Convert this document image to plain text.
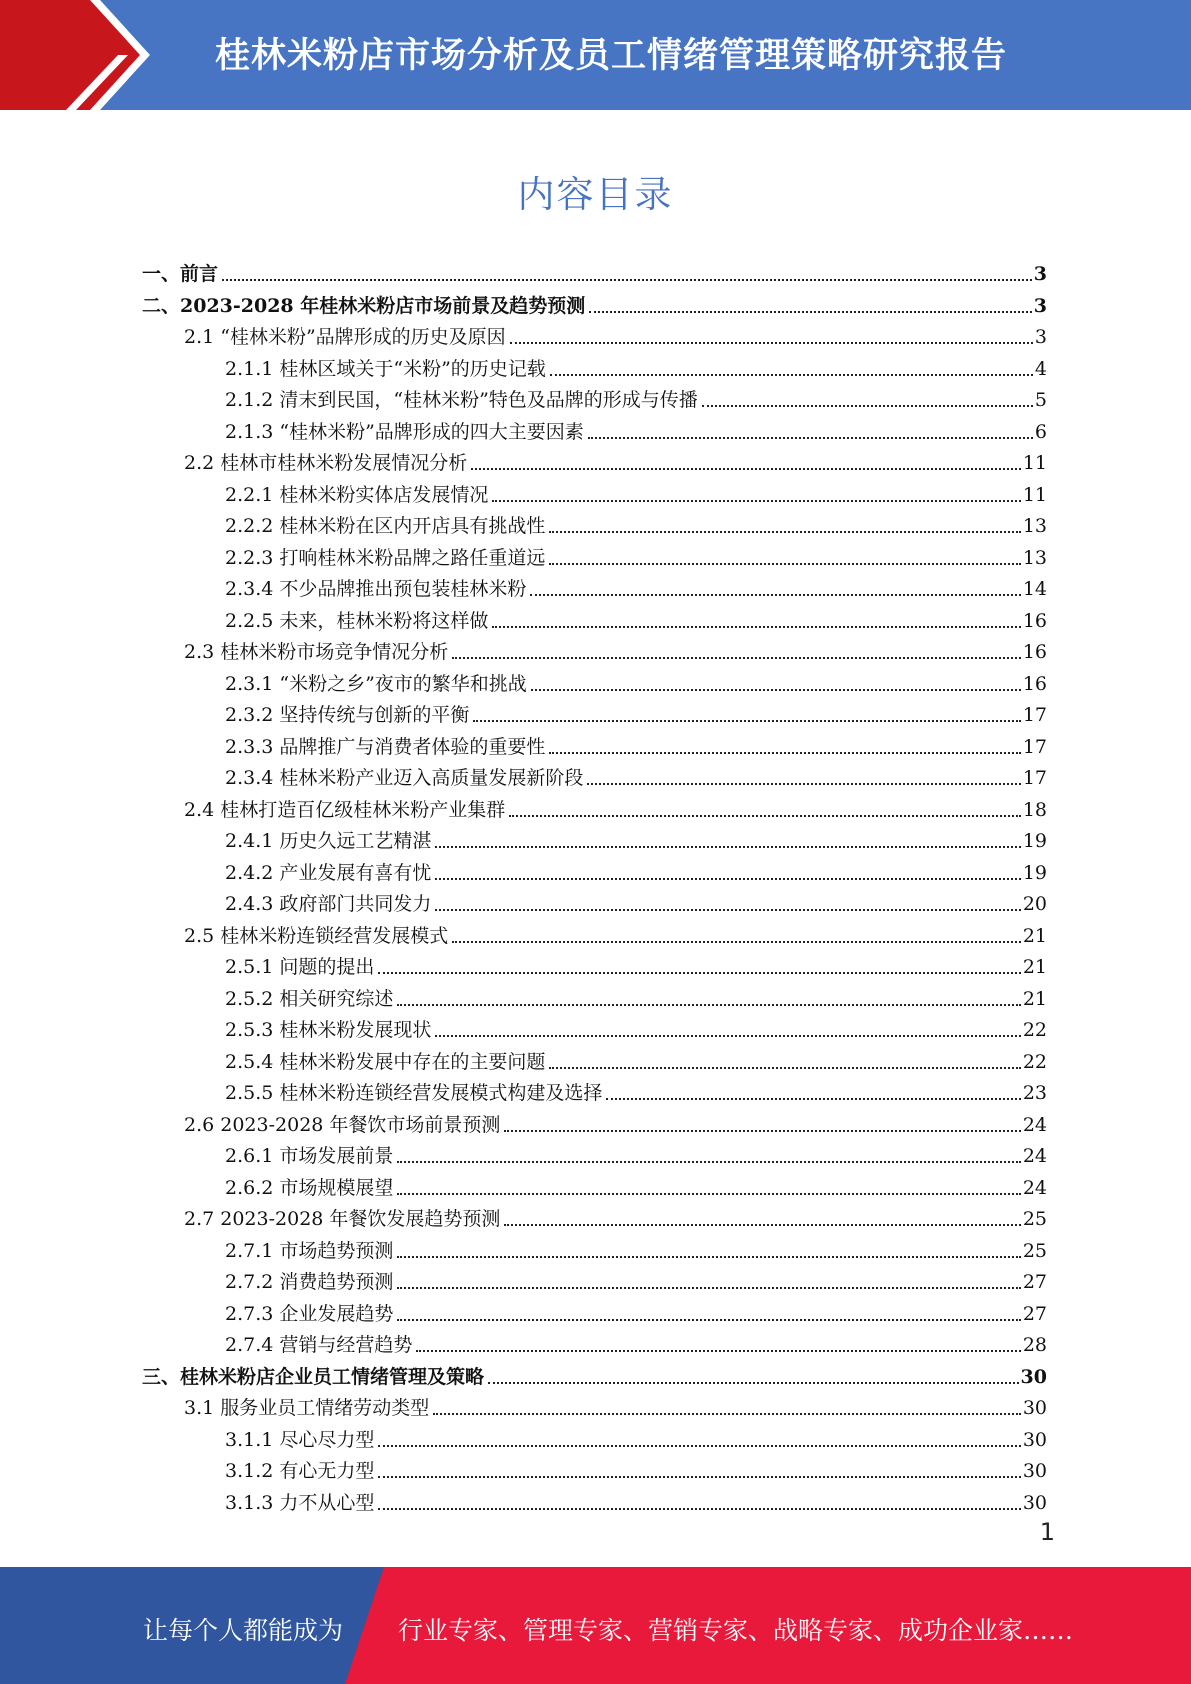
桂林米粉店市场分析及员工情绪管理策略研究报告
内容目录
一、前言	3
二、2023-2028 年桂林米粉店市场前景及趋势预测	3
2.1 “桂林米粉”品牌形成的历史及原因	3
2.1.1 桂林区域关于“米粉”的历史记载	4
2.1.2 清末到民国，“桂林米粉”特色及品牌的形成与传播	5
2.1.3 “桂林米粉”品牌形成的四大主要因素	6
2.2 桂林市桂林米粉发展情况分析	11
2.2.1 桂林米粉实体店发展情况	11
2.2.2 桂林米粉在区内开店具有挑战性	13
2.2.3 打响桂林米粉品牌之路任重道远	13
2.3.4 不少品牌推出预包装桂林米粉	14
2.2.5 未来，桂林米粉将这样做	16
2.3 桂林米粉市场竞争情况分析	16
2.3.1 “米粉之乡”夜市的繁华和挑战	16
2.3.2 坚持传统与创新的平衡	17
2.3.3 品牌推广与消费者体验的重要性	17
2.3.4 桂林米粉产业迈入高质量发展新阶段	17
2.4 桂林打造百亿级桂林米粉产业集群	18
2.4.1 历史久远工艺精湛	19
2.4.2 产业发展有喜有忧	19
2.4.3 政府部门共同发力	20
2.5 桂林米粉连锁经营发展模式	21
2.5.1 问题的提出	21
2.5.2 相关研究综述	21
2.5.3 桂林米粉发展现状	22
2.5.4 桂林米粉发展中存在的主要问题	22
2.5.5 桂林米粉连锁经营发展模式构建及选择	23
2.6 2023-2028 年餐饮市场前景预测	24
2.6.1 市场发展前景	24
2.6.2 市场规模展望	24
2.7 2023-2028 年餐饮发展趋势预测	25
2.7.1 市场趋势预测	25
2.7.2 消费趋势预测	27
2.7.3 企业发展趋势	27
2.7.4 营销与经营趋势	28
三、桂林米粉店企业员工情绪管理及策略	30
3.1 服务业员工情绪劳动类型	30
3.1.1 尽心尽力型	30
3.1.2 有心无力型	30
3.1.3 力不从心型	30
1
让每个人都能成为 行业专家、管理专家、营销专家、战略专家、成功企业家……
